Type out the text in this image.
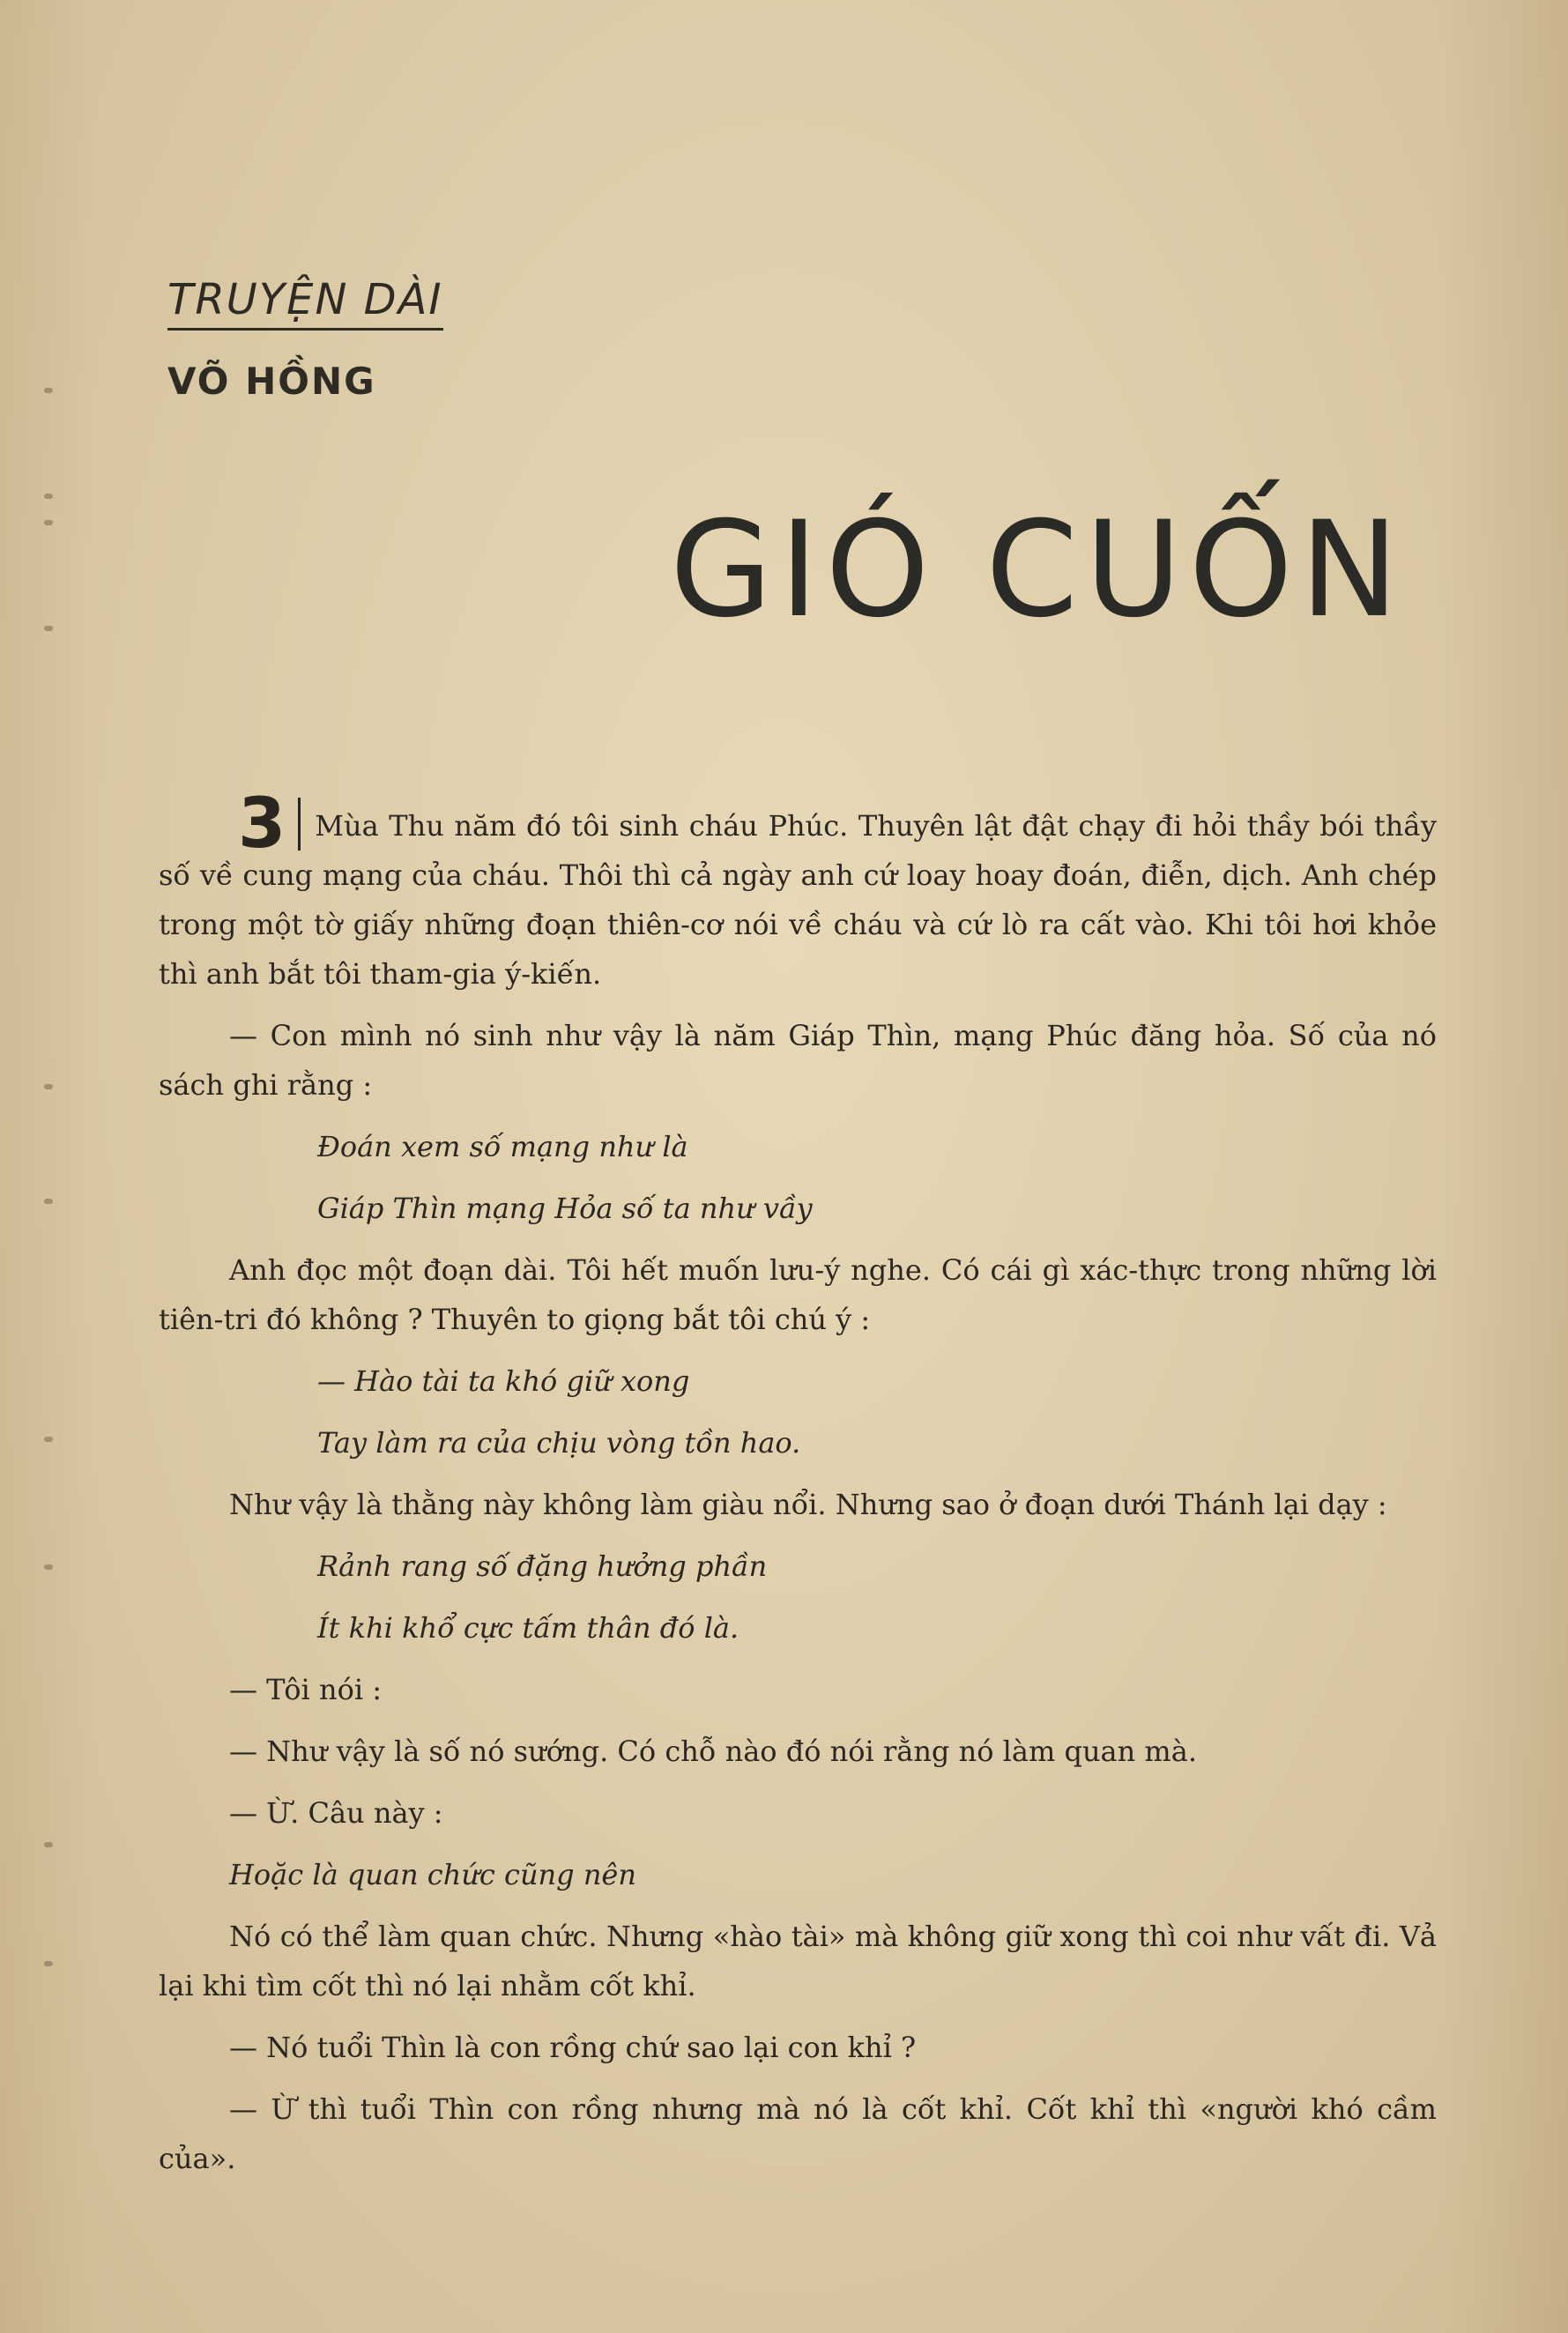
TRUYỆN DÀI
VÕ HỒNG
GIÓ CUỐN

3 Mùa Thu năm đó tôi sinh cháu Phúc. Thuyên lật đật chạy đi hỏi thầy bói thầy số về cung mạng của cháu. Thôi thì cả ngày anh cứ loay hoay đoán, điễn, dịch. Anh chép trong một tờ giấy những đoạn thiên-cơ nói về cháu và cứ lò ra cất vào. Khi tôi hơi khỏe thì anh bắt tôi tham-gia ý-kiến.

— Con mình nó sinh như vậy là năm Giáp Thìn, mạng Phúc đăng hỏa. Số của nó sách ghi rằng :

Đoán xem số mạng như là

Giáp Thìn mạng Hỏa số ta như vầy

Anh đọc một đoạn dài. Tôi hết muốn lưu-ý nghe. Có cái gì xác-thực trong những lời tiên-tri đó không ? Thuyên to giọng bắt tôi chú ý :

— Hào tài ta khó giữ xong

Tay làm ra của chịu vòng tồn hao.

Như vậy là thằng này không làm giàu nổi. Nhưng sao ở đoạn dưới Thánh lại dạy :

Rảnh rang số đặng hưởng phần

Ít khi khổ cực tấm thân đó là.

— Tôi nói :

— Như vậy là số nó sướng. Có chỗ nào đó nói rằng nó làm quan mà.

— Ừ. Câu này :

Hoặc là quan chức cũng nên

Nó có thể làm quan chức. Nhưng «hào tài» mà không giữ xong thì coi như vất đi. Vả lại khi tìm cốt thì nó lại nhằm cốt khỉ.

— Nó tuổi Thìn là con rồng chứ sao lại con khỉ ?

— Ừ thì tuổi Thìn con rồng nhưng mà nó là cốt khỉ. Cốt khỉ thì «người khó cầm của».
